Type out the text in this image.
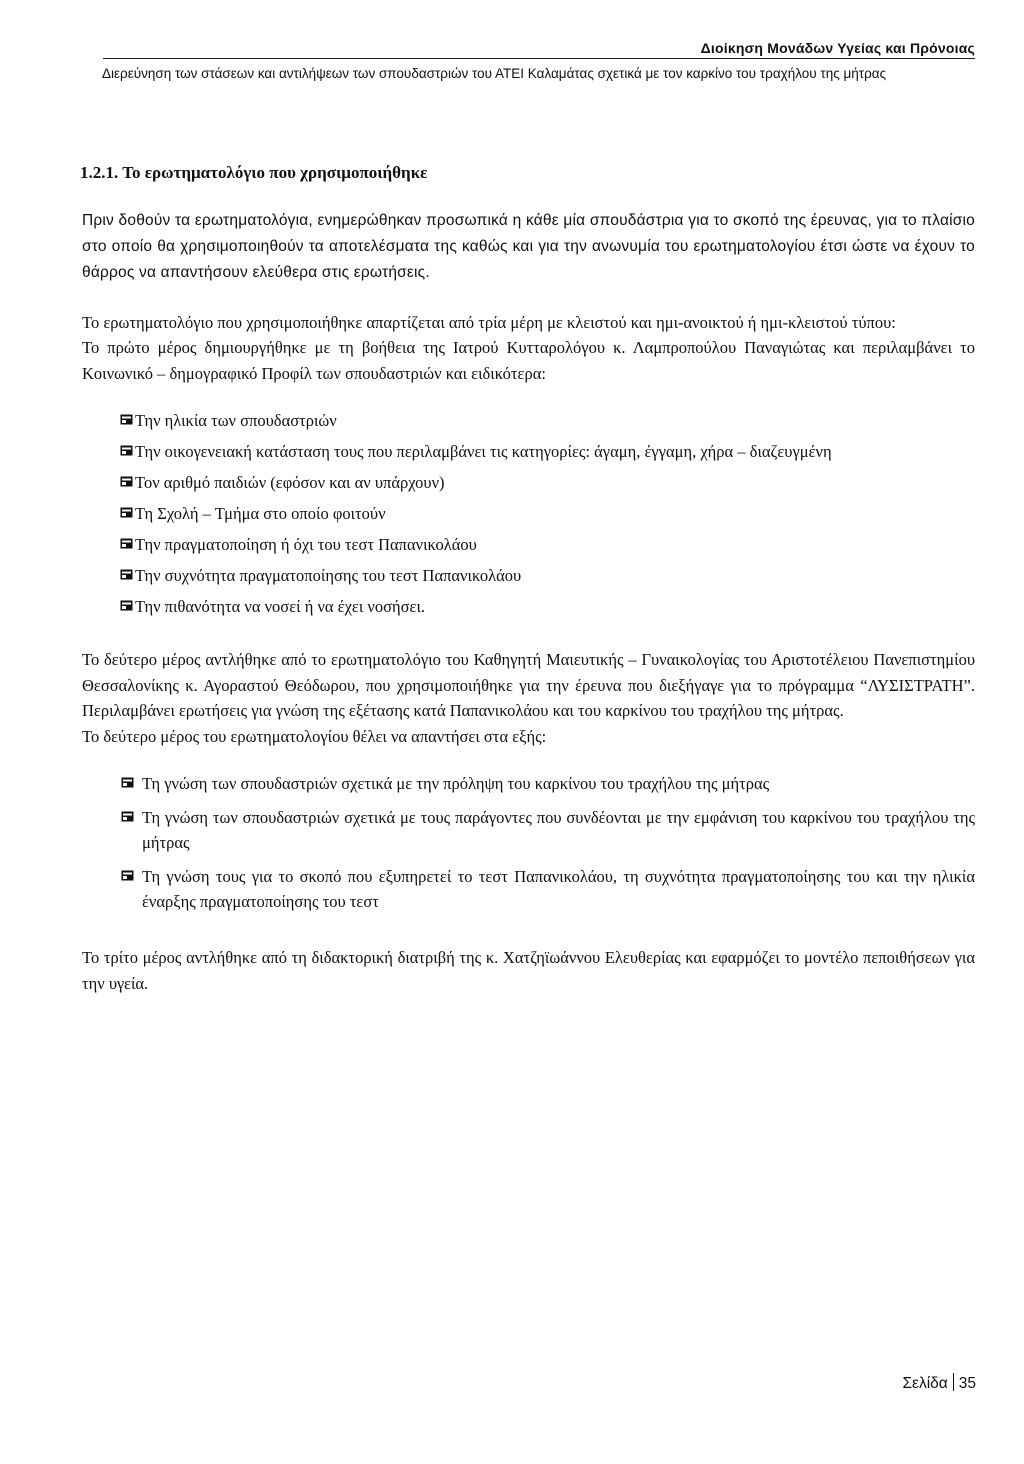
Διοίκηση Μονάδων Υγείας και Πρόνοιας
Διερεύνηση των στάσεων και αντιλήψεων των σπουδαστριών του ΑΤΕΙ Καλαμάτας σχετικά με τον καρκίνο του τραχήλου της μήτρας
1.2.1. Το ερωτηματολόγιο που χρησιμοποιήθηκε

Πριν δοθούν τα ερωτηματολόγια, ενημερώθηκαν προσωπικά η κάθε μία σπουδάστρια για το σκοπό της έρευνας, για το πλαίσιο στο οποίο θα χρησιμοποιηθούν τα αποτελέσματα της καθώς και για την ανωνυμία του ερωτηματολογίου έτσι ώστε να έχουν το θάρρος να απαντήσουν ελεύθερα στις ερωτήσεις.

Το ερωτηματολόγιο που χρησιμοποιήθηκε απαρτίζεται από τρία μέρη με κλειστού και ημι-ανοικτού ή ημι-κλειστού τύπου:

Το πρώτο μέρος δημιουργήθηκε με τη βοήθεια της Ιατρού Κυτταρολόγου κ. Λαμπροπούλου Παναγιώτας και περιλαμβάνει το Κοινωνικό – δημογραφικό Προφίλ των σπουδαστριών και ειδικότερα:

Την ηλικία των σπουδαστριών
Την οικογενειακή κατάσταση τους που περιλαμβάνει τις κατηγορίες: άγαμη, έγγαμη, χήρα – διαζευγμένη
Τον αριθμό παιδιών (εφόσον και αν υπάρχουν)
Τη Σχολή – Τμήμα στο οποίο φοιτούν
Την πραγματοποίηση ή όχι του τεστ Παπανικολάου
Την συχνότητα πραγματοποίησης του τεστ Παπανικολάου
Την πιθανότητα να νοσεί ή να έχει νοσήσει.

Το δεύτερο μέρος αντλήθηκε από το ερωτηματολόγιο του Καθηγητή Μαιευτικής – Γυναικολογίας του Αριστοτέλειου Πανεπιστημίου Θεσσαλονίκης κ. Αγοραστού Θεόδωρου, που χρησιμοποιήθηκε για την έρευνα που διεξήγαγε για το πρόγραμμα “ΛΥΣΙΣΤΡΑΤΗ”. Περιλαμβάνει ερωτήσεις για γνώση της εξέτασης κατά Παπανικολάου και του καρκίνου του τραχήλου της μήτρας.

Το δεύτερο μέρος του ερωτηματολογίου θέλει να απαντήσει στα εξής:

Τη γνώση των σπουδαστριών σχετικά με την πρόληψη του καρκίνου του τραχήλου της μήτρας
Τη γνώση των σπουδαστριών σχετικά με τους παράγοντες που συνδέονται με την εμφάνιση του καρκίνου του τραχήλου της μήτρας
Τη γνώση τους για το σκοπό που εξυπηρετεί το τεστ Παπανικολάου, τη συχνότητα πραγματοποίησης του και την ηλικία έναρξης πραγματοποίησης του τεστ

Το τρίτο μέρος αντλήθηκε από τη διδακτορική διατριβή της κ. Χατζηϊωάννου Ελευθερίας και εφαρμόζει το μοντέλο πεποιθήσεων για την υγεία.

Σελίδα 35
